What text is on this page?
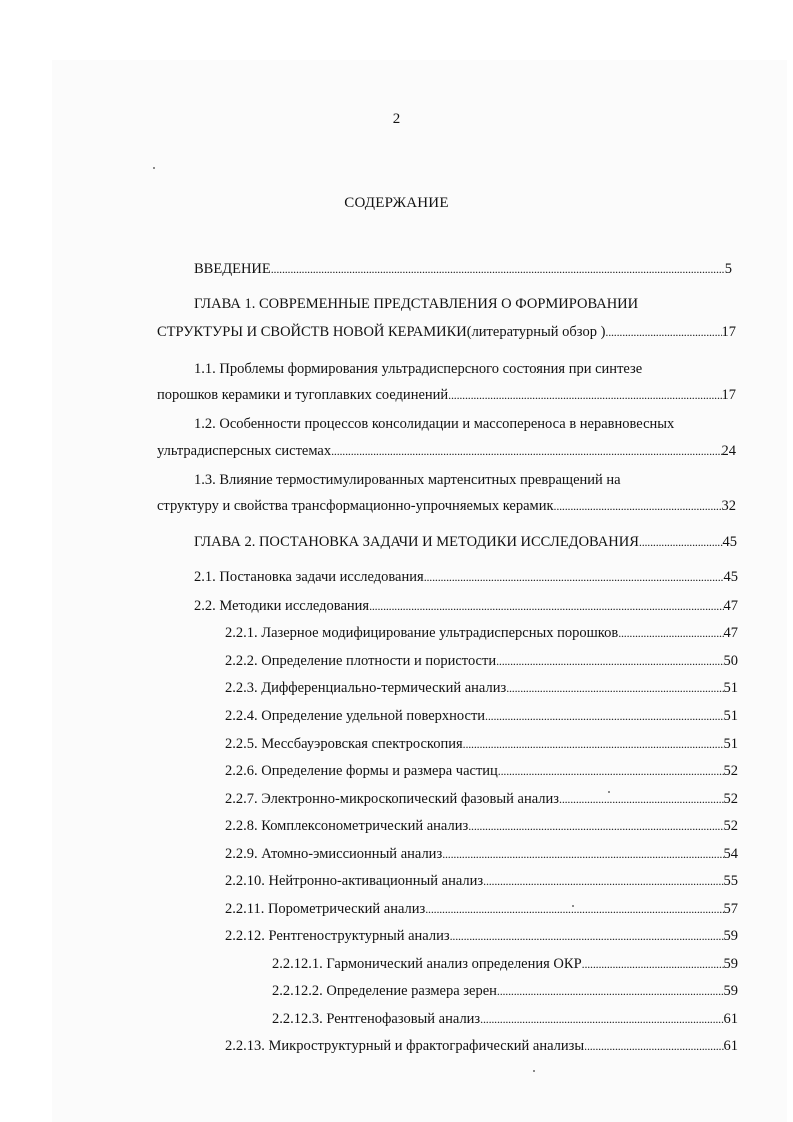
2
СОДЕРЖАНИЕ
ВВЕДЕНИЕ . . .	5
ГЛАВА 1. СОВРЕМЕННЫЕ ПРЕДСТАВЛЕНИЯ О ФОРМИРОВАНИИ
СТРУКТУРЫ И СВОЙСТВ НОВОЙ КЕРАМИКИ (литературный обзор ) . . .	17
1.1. Проблемы формирования ультрадисперсного состояния при синтезе
порошков керамики и тугоплавких соединений . . .	17
1.2. Особенности процессов консолидации и массопереноса в неравновесных
ультрадисперсных системах . . .	24
1.3. Влияние термостимулированных мартенситных превращений на
структуру и свойства трансформационно-упрочняемых керамик . . .	32
ГЛАВА 2. ПОСТАНОВКА ЗАДАЧИ И МЕТОДИКИ ИССЛЕДОВАНИЯ . . .	45
2.1. Постановка задачи исследования . . .	45
2.2. Методики исследования . . .	47
2.2.1. Лазерное модифицирование ультрадисперсных порошков . . .	47
2.2.2. Определение плотности и пористости . . .	50
2.2.3. Дифференциально-термический анализ . . .	51
2.2.4. Определение удельной поверхности . . .	51
2.2.5. Мессбауэровская спектроскопия . . .	51
2.2.6. Определение формы и размера частиц . . .	52
2.2.7. Электронно-микроскопический фазовый анализ . . .	52
2.2.8. Комплексонометрический анализ . . .	52
2.2.9. Атомно-эмиссионный анализ . . .	54
2.2.10. Нейтронно-активационный анализ . . .	55
2.2.11. Порометрический анализ . . .	57
2.2.12. Рентгеноструктурный анализ . . .	59
2.2.12.1. Гармонический анализ определения ОКР . . .	59
2.2.12.2. Определение размера зерен . . .	59
2.2.12.3. Рентгенофазовый анализ . . .	61
2.2.13. Микроструктурный и фрактографический анализы . . .	61
